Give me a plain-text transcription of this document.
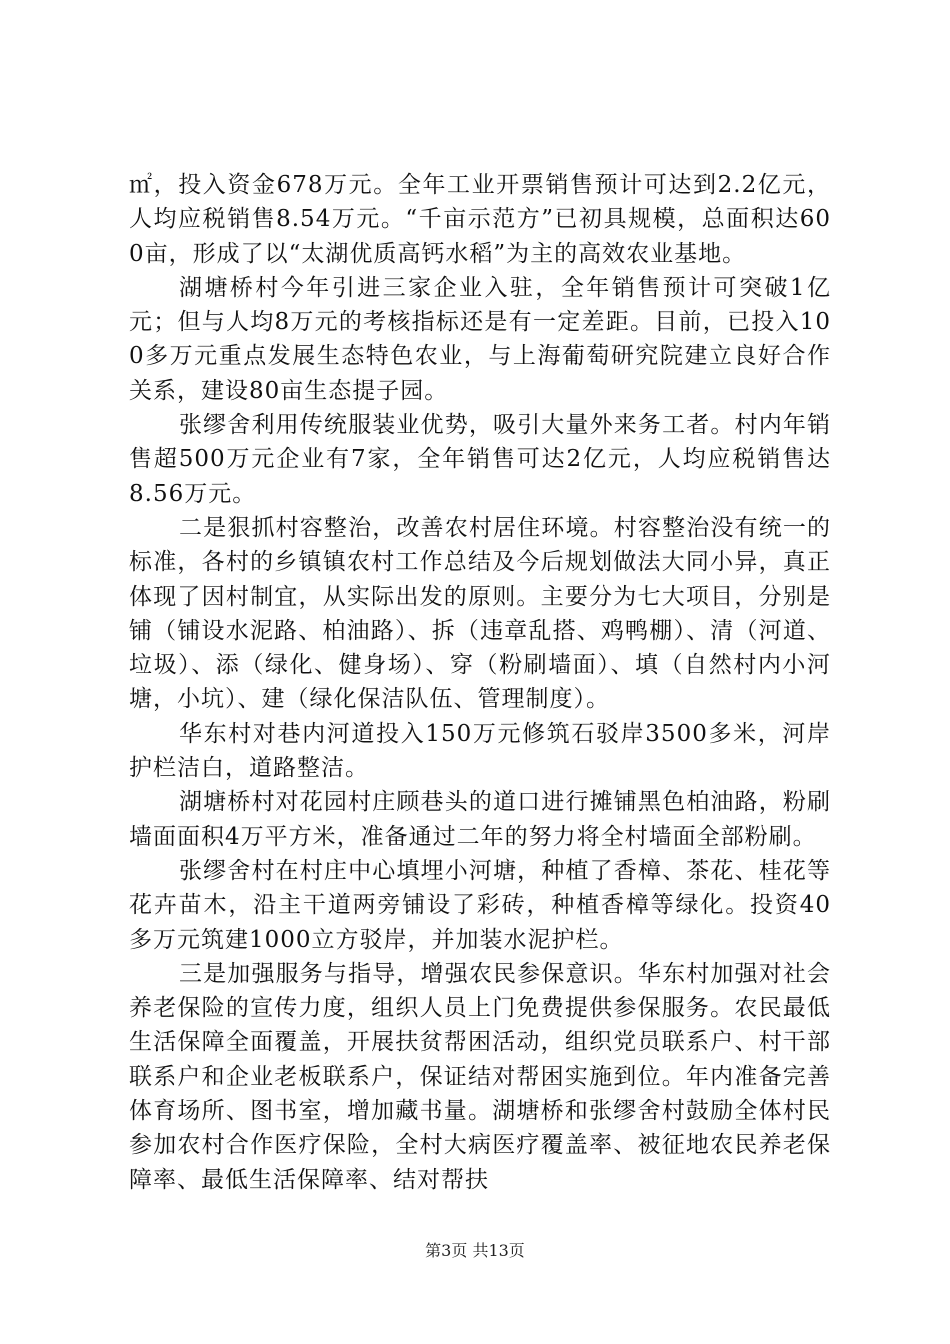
㎡，投入资金678万元。全年工业开票销售预计可达到2.2亿元，人均应税销售8.54万元。“千亩示范方”已初具规模，总面积达600亩，形成了以“太湖优质高钙水稻”为主的高效农业基地。

湖塘桥村今年引进三家企业入驻，全年销售预计可突破1亿元；但与人均8万元的考核指标还是有一定差距。目前，已投入100多万元重点发展生态特色农业，与上海葡萄研究院建立良好合作关系，建设80亩生态提子园。

张缪舍利用传统服装业优势，吸引大量外来务工者。村内年销售超500万元企业有7家，全年销售可达2亿元，人均应税销售达8.56万元。

二是狠抓村容整治，改善农村居住环境。村容整治没有统一的标准，各村的乡镇镇农村工作总结及今后规划做法大同小异，真正体现了因村制宜，从实际出发的原则。主要分为七大项目，分别是铺（铺设水泥路、柏油路）、拆（违章乱搭、鸡鸭棚）、清（河道、垃圾）、添（绿化、健身场）、穿（粉刷墙面）、填（自然村内小河塘，小坑）、建（绿化保洁队伍、管理制度）。

华东村对巷内河道投入150万元修筑石驳岸3500多米，河岸护栏洁白，道路整洁。

湖塘桥村对花园村庄顾巷头的道口进行摊铺黑色柏油路，粉刷墙面面积4万平方米，准备通过二年的努力将全村墙面全部粉刷。

张缪舍村在村庄中心填埋小河塘，种植了香樟、茶花、桂花等花卉苗木，沿主干道两旁铺设了彩砖，种植香樟等绿化。投资40多万元筑建1000立方驳岸，并加装水泥护栏。

三是加强服务与指导，增强农民参保意识。华东村加强对社会养老保险的宣传力度，组织人员上门免费提供参保服务。农民最低生活保障全面覆盖，开展扶贫帮困活动，组织党员联系户、村干部联系户和企业老板联系户，保证结对帮困实施到位。年内准备完善体育场所、图书室，增加藏书量。湖塘桥和张缪舍村鼓励全体村民参加农村合作医疗保险，全村大病医疗覆盖率、被征地农民养老保障率、最低生活保障率、结对帮扶

第3页 共13页
